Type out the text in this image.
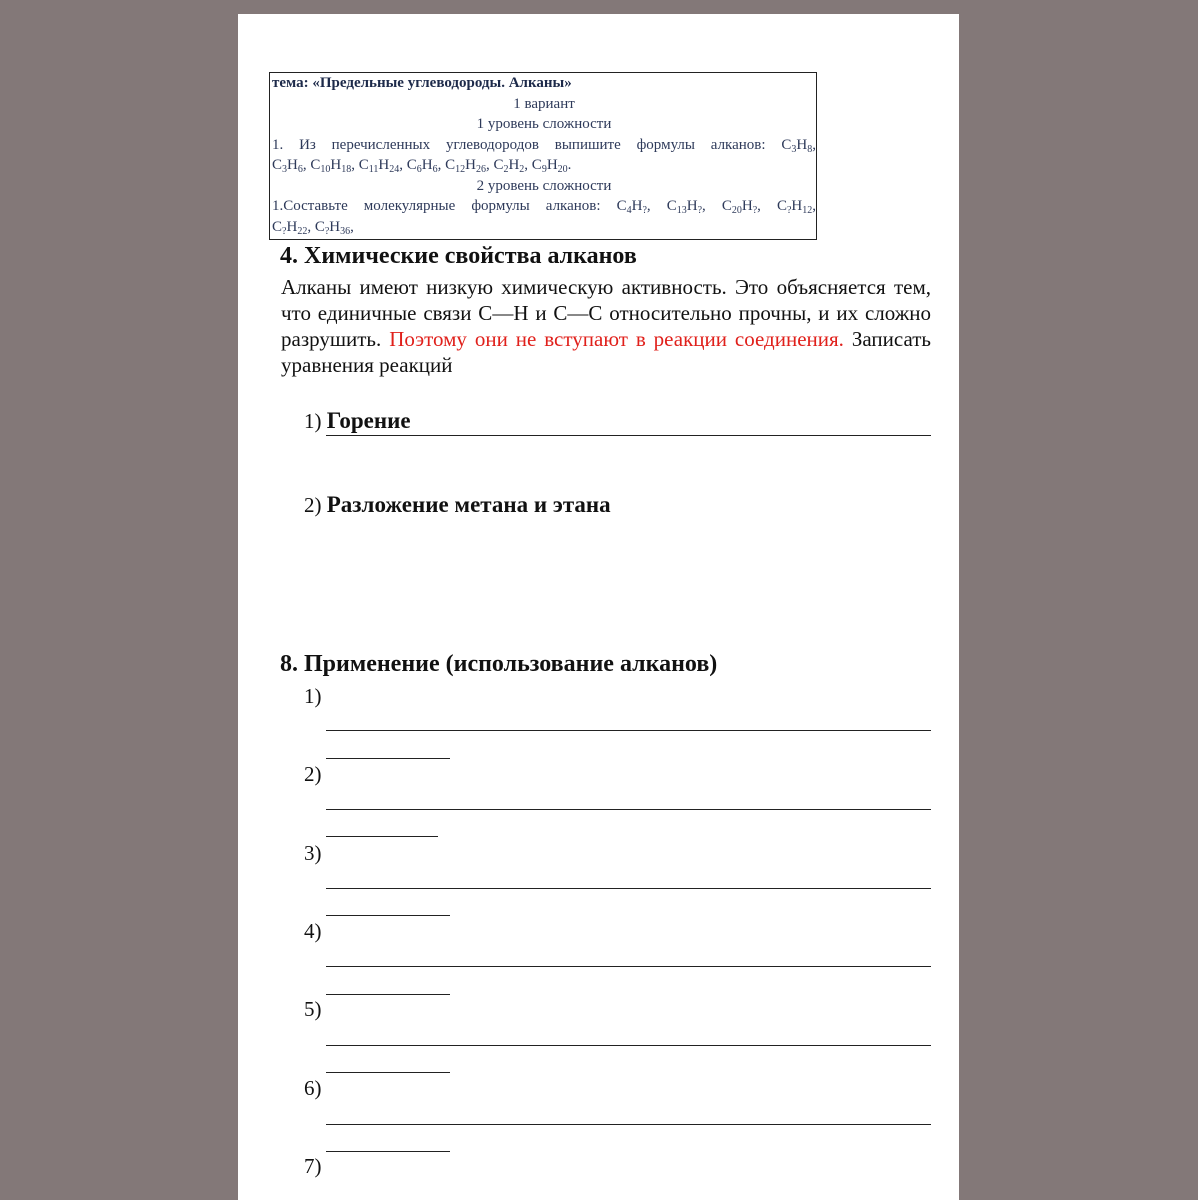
тема: «Предельные углеводороды. Алканы»
1 вариант
1 уровень сложности
1. Из перечисленных углеводородов выпишите формулы алканов: $C_3H_8$,
$C_3H_6$, $C_{10}H_{18}$, $C_{11}H_{24}$, $C_6H_6$, $C_{12}H_{26}$, $C_2H_2$, $C_9H_{20}$.
2 уровень сложности
1.Составьте молекулярные формулы алканов: $C_4H_?$, $C_{13}H_?$, $C_{20}H_?$, $C_?H_{12}$,
$C_?H_{22}$, $C_?H_{36}$,
4. Химические свойства алканов
Алканы имеют низкую химическую активность. Это объясняется тем, что единичные связи С—Н и С—С относительно прочны, и их сложно разрушить. Поэтому они не вступают в реакции соединения. Записать уравнения реакций
1) Горение
2) Разложение метана и этана
8. Применение (использование алканов)
1)
2)
3)
4)
5)
6)
7)
